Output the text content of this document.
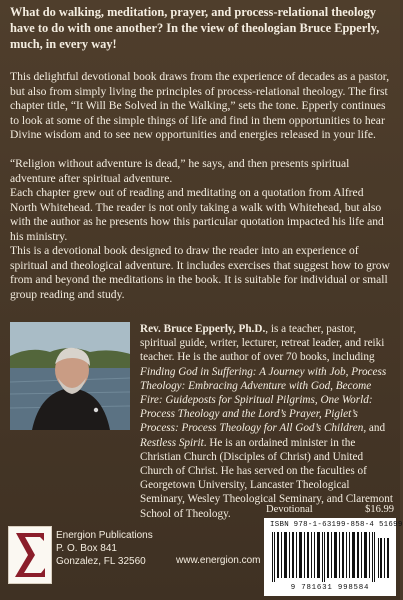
What do walking, meditation, prayer, and process-relational theology have to do with one another? In the view of theologian Bruce Epperly, much, in every way!
This delightful devotional book draws from the experience of decades as a pastor, but also from simply living the principles of process-relational theology. The first chapter title, “It Will Be Solved in the Walking,” sets the tone. Epperly continues to look at some of the simple things of life and find in them opportunities to hear Divine wisdom and to see new opportunities and energies released in your life.
“Religion without adventure is dead,” he says, and then presents spiritual adventure after spiritual adventure.
Each chapter grew out of reading and meditating on a quotation from Alfred North Whitehead. The reader is not only taking a walk with Whitehead, but also with the author as he presents how this particular quotation impacted his life and his ministry.
This is a devotional book designed to draw the reader into an experience of spiritual and theological adventure. It includes exercises that suggest how to grow from and beyond the meditations in the book. It is suitable for individual or small group reading and study.
Rev. Bruce Epperly, Ph.D., is a teacher, pastor, spiritual guide, writer, lecturer, retreat leader, and reiki teacher. He is the author of over 70 books, including Finding God in Suffering: A Journey with Job, Process Theology: Embracing Adventure with God, Become Fire: Guideposts for Spiritual Pilgrims, One World: Process Theology and the Lord’s Prayer, Piglet’s Process: Process Theology for All God’s Children, and Restless Spirit. He is an ordained minister in the Christian Church (Disciples of Christ) and United Church of Christ. He has served on the faculties of Georgetown University, Lancaster Theological Seminary, Wesley Theological Seminary, and Claremont School of Theology.
Energion Publications
P. O. Box 841
Gonzalez, FL 32560	www.energion.com
Devotional	$16.99
ISBN 978-1-63199-858-4 51699
9 781631 998584
